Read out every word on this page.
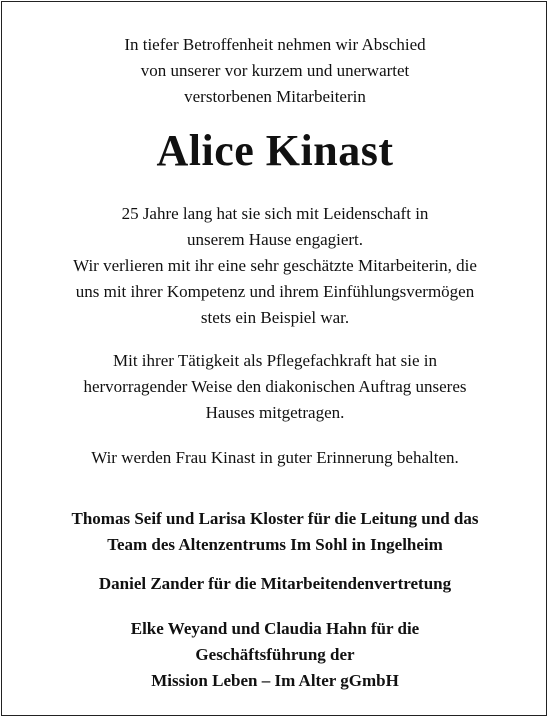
In tiefer Betroffenheit nehmen wir Abschied
von unserer vor kurzem und unerwartet
verstorbenen Mitarbeiterin
Alice Kinast
25 Jahre lang hat sie sich mit Leidenschaft in
unserem Hause engagiert.
Wir verlieren mit ihr eine sehr geschätzte Mitarbeiterin, die
uns mit ihrer Kompetenz und ihrem Einfühlungsvermögen
stets ein Beispiel war.
Mit ihrer Tätigkeit als Pflegefachkraft hat sie in
hervorragender Weise den diakonischen Auftrag unseres
Hauses mitgetragen.
Wir werden Frau Kinast in guter Erinnerung behalten.
Thomas Seif und Larisa Kloster für die Leitung und das
Team des Altenzentrums Im Sohl in Ingelheim
Daniel Zander für die Mitarbeitendenvertretung
Elke Weyand und Claudia Hahn für die
Geschäftsführung der
Mission Leben – Im Alter gGmbH
